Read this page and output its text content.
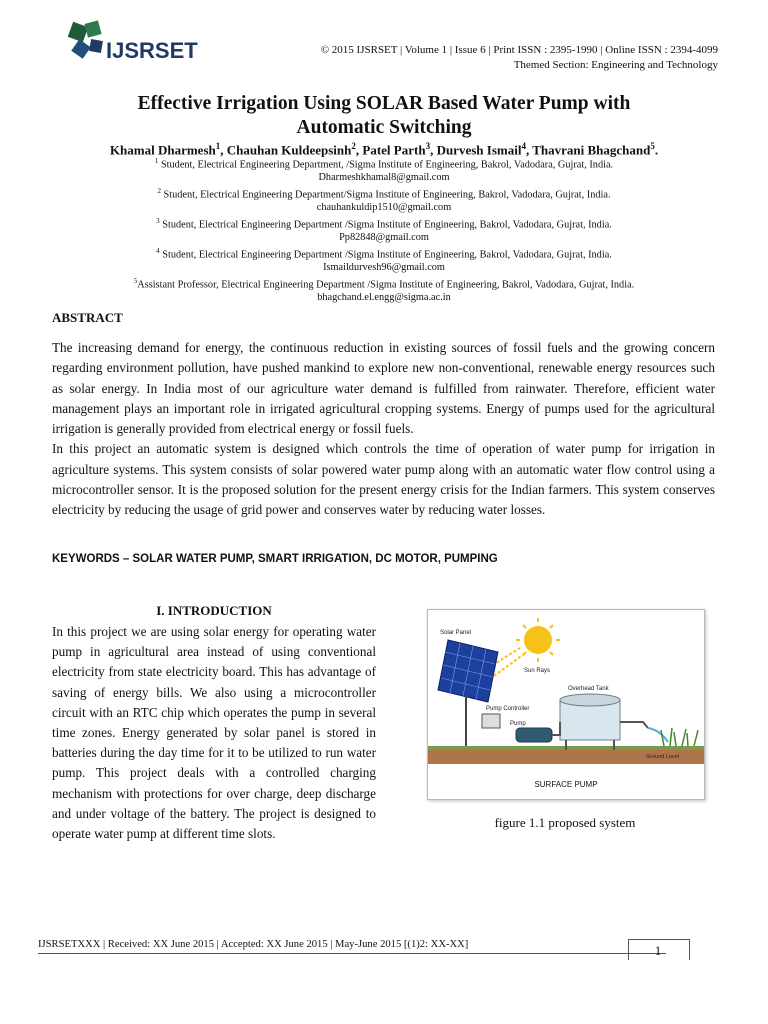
IJSRSET	© 2015 IJSRSET | Volume 1 | Issue 6 | Print ISSN : 2395-1990 | Online ISSN : 2394-4099
Themed Section: Engineering and Technology
Effective Irrigation Using SOLAR Based Water Pump with
Automatic Switching
Khamal Dharmesh$^1$, Chauhan Kuldeepsinh$^2$, Patel Parth$^3$, Durvesh Ismail$^4$, Thavrani Bhagchand$^5$.
$^1$ Student, Electrical Engineering Department, /Sigma Institute of Engineering, Bakrol, Vadodara, Gujrat, India.
Dharmeshkhamal8@gmail.com
$^2$ Student, Electrical Engineering Department/Sigma Institute of Engineering, Bakrol, Vadodara, Gujrat, India.
chauhankuldip1510@gmail.com
$^3$ Student, Electrical Engineering Department /Sigma Institute of Engineering, Bakrol, Vadodara, Gujrat, India.
Pp82848@gmail.com
$^4$ Student, Electrical Engineering Department /Sigma Institute of Engineering, Bakrol, Vadodara, Gujrat, India.
Ismaildurvesh96@gmail.com
$^5$Assistant Professor, Electrical Engineering Department /Sigma Institute of Engineering, Bakrol, Vadodara, Gujrat, India.
bhagchand.el.engg@sigma.ac.in
ABSTRACT

The increasing demand for energy, the continuous reduction in existing sources of fossil fuels and the growing concern regarding environment pollution, have pushed mankind to explore new non-conventional, renewable energy resources such as solar energy. In India most of our agriculture water demand is fulfilled from rainwater. Therefore, efficient water management plays an important role in irrigated agricultural cropping systems. Energy of pumps used for the agricultural irrigation is generally provided from electrical energy or fossil fuels.

In this project an automatic system is designed which controls the time of operation of water pump for irrigation in agriculture systems. This system consists of solar powered water pump along with an automatic water flow control using a microcontroller sensor. It is the proposed solution for the present energy crisis for the Indian farmers. This system conserves electricity by reducing the usage of grid power and conserves water by reducing water losses.

KEYWORDS – SOLAR WATER PUMP, SMART IRRIGATION, DC MOTOR, PUMPING
I. INTRODUCTION
In this project we are using solar energy for operating water pump in agricultural area instead of using conventional electricity from state electricity board. This has advantage of saving of energy bills. We also using a microcontroller circuit with an RTC chip which operates the pump in several time zones. Energy generated by solar panel is stored in batteries during the day time for it to be utilized to run water pump. This project deals with a controlled charging mechanism with protections for over charge, deep discharge and under voltage of the battery. The project is designed to operate water pump at different time slots.
Solar Panel
Sun Rays
Overhead Tank
Pump Controller
Pump
Ground Level
SURFACE PUMP
figure 1.1 proposed system
IJSRSETXXX | Received: XX June 2015 | Accepted: XX June 2015 | May-June 2015 [(1)2: XX-XX]	1
